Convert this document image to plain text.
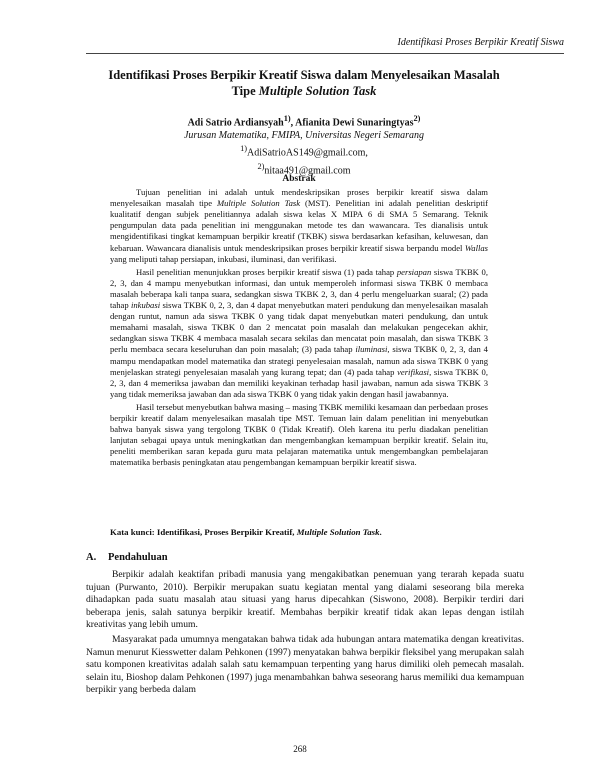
Identifikasi Proses Berpikir Kreatif Siswa
Identifikasi Proses Berpikir Kreatif Siswa dalam Menyelesaikan Masalah
Tipe Multiple Solution Task
Adi Satrio Ardiansyah$^{1)}$, Afianita Dewi Sunaringtyas$^{2)}$
Jurusan Matematika, FMIPA, Universitas Negeri Semarang
$^{1)}$AdiSatrioAS149@gmail.com,
$^{2)}$nitaa491@gmail.com
Abstrak

Tujuan penelitian ini adalah untuk mendeskripsikan proses berpikir kreatif siswa dalam menyelesaikan masalah tipe Multiple Solution Task (MST). Penelitian ini adalah penelitian deskriptif kualitatif dengan subjek penelitiannya adalah siswa kelas X MIPA 6 di SMA 5 Semarang. Teknik pengumpulan data pada penelitian ini menggunakan metode tes dan wawancara. Tes dianalisis untuk mengidentifikasi tingkat kemampuan berpikir kreatif (TKBK) siswa berdasarkan kefasihan, keluwesan, dan kebaruan. Wawancara dianalisis untuk mendeskripsikan proses berpikir kreatif siswa berpandu model Wallas yang meliputi tahap persiapan, inkubasi, iluminasi, dan verifikasi.

Hasil penelitian menunjukkan proses berpikir kreatif siswa (1) pada tahap persiapan siswa TKBK 0, 2, 3, dan 4 mampu menyebutkan informasi, dan untuk memperoleh informasi siswa TKBK 0 membaca masalah beberapa kali tanpa suara, sedangkan siswa TKBK 2, 3, dan 4 perlu mengeluarkan suaral; (2) pada tahap inkubasi siswa TKBK 0, 2, 3, dan 4 dapat menyebutkan materi pendukung dan menyelesaikan masalah dengan runtut, namun ada siswa TKBK 0 yang tidak dapat menyebutkan materi pendukung, dan untuk memahami masalah, siswa TKBK 0 dan 2 mencatat poin masalah dan melakukan pengecekan akhir, sedangkan siswa TKBK 4 membaca masalah secara sekilas dan mencatat poin masalah, dan siswa TKBK 3 perlu membaca secara keseluruhan dan poin masalah; (3) pada tahap iluminasi, siswa TKBK 0, 2, 3, dan 4 mampu mendapatkan model matematika dan strategi penyelesaian masalah, namun ada siswa TKBK 0 yang menjelaskan strategi penyelesaian masalah yang kurang tepat; dan (4) pada tahap verifikasi, siswa TKBK 0, 2, 3, dan 4 memeriksa jawaban dan memiliki keyakinan terhadap hasil jawaban, namun ada siswa TKBK 3 yang tidak memeriksa jawaban dan ada siswa TKBK 0 yang tidak yakin dengan hasil jawabannya.

Hasil tersebut menyebutkan bahwa masing – masing TKBK memiliki kesamaan dan perbedaan proses berpikir kreatif dalam menyelesaikan masalah tipe MST. Temuan lain dalam penelitian ini menyebutkan bahwa banyak siswa yang tergolong TKBK 0 (Tidak Kreatif). Oleh karena itu perlu diadakan penelitian lanjutan sebagai upaya untuk meningkatkan dan mengembangkan kemampuan berpikir kreatif. Selain itu, peneliti memberikan saran kepada guru mata pelajaran matematika untuk mengembangkan pembelajaran matematika berbasis peningkatan atau pengembangan kemampuan berpikir kreatif siswa.

Kata kunci: Identifikasi, Proses Berpikir Kreatif, Multiple Solution Task.
A. Pendahuluan

Berpikir adalah keaktifan pribadi manusia yang mengakibatkan penemuan yang terarah kepada suatu tujuan (Purwanto, 2010). Berpikir merupakan suatu kegiatan mental yang dialami seseorang bila mereka dihadapkan pada suatu masalah atau situasi yang harus dipecahkan (Siswono, 2008). Berpikir terdiri dari beberapa jenis, salah satunya berpikir kreatif. Membahas berpikir kreatif tidak akan lepas dengan istilah kreativitas yang lebih umum.

Masyarakat pada umumnya mengatakan bahwa tidak ada hubungan antara matematika dengan kreativitas. Namun menurut Kiesswetter dalam Pehkonen (1997) menyatakan bahwa berpikir fleksibel yang merupakan salah satu komponen kreativitas adalah salah satu kemampuan terpenting yang harus dimiliki oleh pemecah masalah. selain itu, Bioshop dalam Pehkonen (1997) juga menambahkan bahwa seseorang harus memiliki dua kemampuan berpikir yang berbeda dalam

268
